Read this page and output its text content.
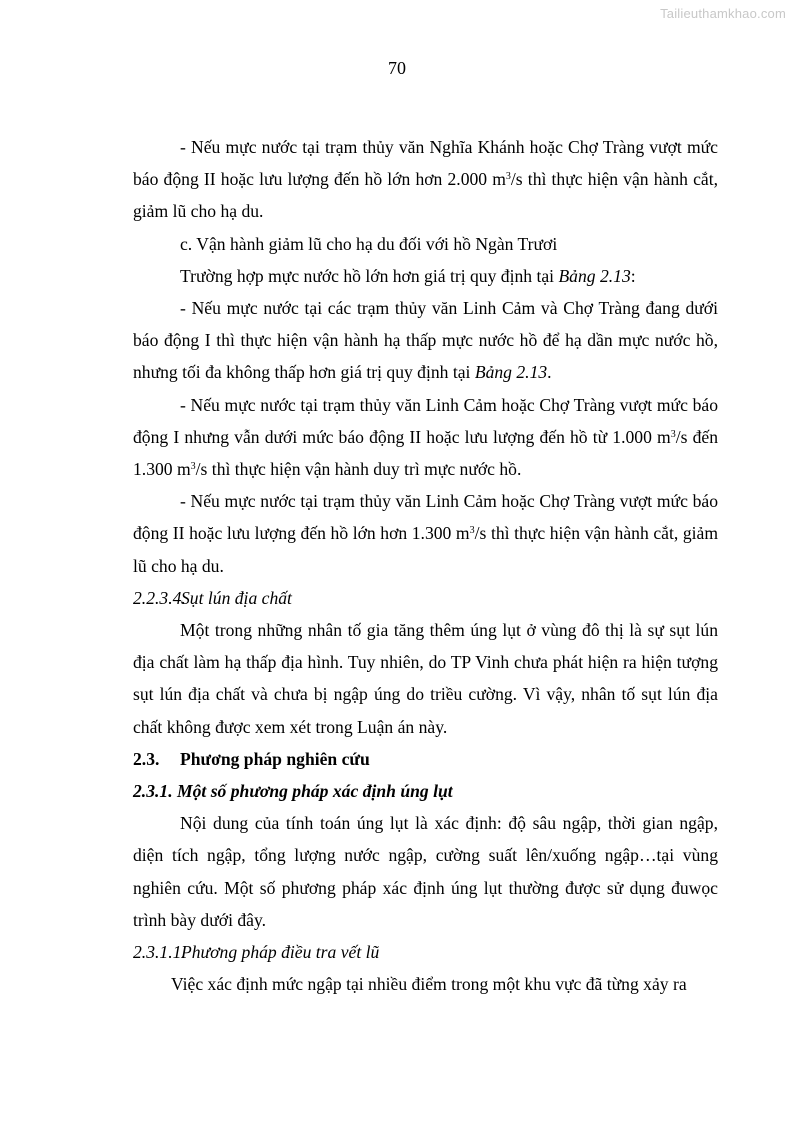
Tailieuthamkhao.com
70

- Nếu mực nước tại trạm thủy văn Nghĩa Khánh hoặc Chợ Tràng vượt mức báo động II hoặc lưu lượng đến hồ lớn hơn 2.000 $m^3/s$ thì thực hiện vận hành cắt, giảm lũ cho hạ du.

c. Vận hành giảm lũ cho hạ du đối với hồ Ngàn Trươi

Trường hợp mực nước hồ lớn hơn giá trị quy định tại Bảng 2.13:

- Nếu mực nước tại các trạm thủy văn Linh Cảm và Chợ Tràng đang dưới báo động I thì thực hiện vận hành hạ thấp mực nước hồ để hạ dần mực nước hồ, nhưng tối đa không thấp hơn giá trị quy định tại Bảng 2.13.

- Nếu mực nước tại trạm thủy văn Linh Cảm hoặc Chợ Tràng vượt mức báo động I nhưng vẫn dưới mức báo động II hoặc lưu lượng đến hồ từ 1.000 $m^3/s$ đến 1.300 $m^3/s$ thì thực hiện vận hành duy trì mực nước hồ.

- Nếu mực nước tại trạm thủy văn Linh Cảm hoặc Chợ Tràng vượt mức báo động II hoặc lưu lượng đến hồ lớn hơn 1.300 $m^3/s$ thì thực hiện vận hành cắt, giảm lũ cho hạ du.

2.2.3.4.Sụt lún địa chất

Một trong những nhân tố gia tăng thêm úng lụt ở vùng đô thị là sự sụt lún địa chất làm hạ thấp địa hình. Tuy nhiên, do TP Vinh chưa phát hiện ra hiện tượng sụt lún địa chất và chưa bị ngập úng do triều cường. Vì vậy, nhân tố sụt lún địa chất không được xem xét trong Luận án này.

2.3. Phương pháp nghiên cứu

2.3.1. Một số phương pháp xác định úng lụt

Nội dung của tính toán úng lụt là xác định: độ sâu ngập, thời gian ngập, diện tích ngập, tổng lượng nước ngập, cường suất lên/xuống ngập…tại vùng nghiên cứu. Một số phương pháp xác định úng lụt thường được sử dụng đuwọc trình bày dưới đây.

2.3.1.1.Phương pháp điều tra vết lũ

Việc xác định mức ngập tại nhiều điểm trong một khu vực đã từng xảy ra
